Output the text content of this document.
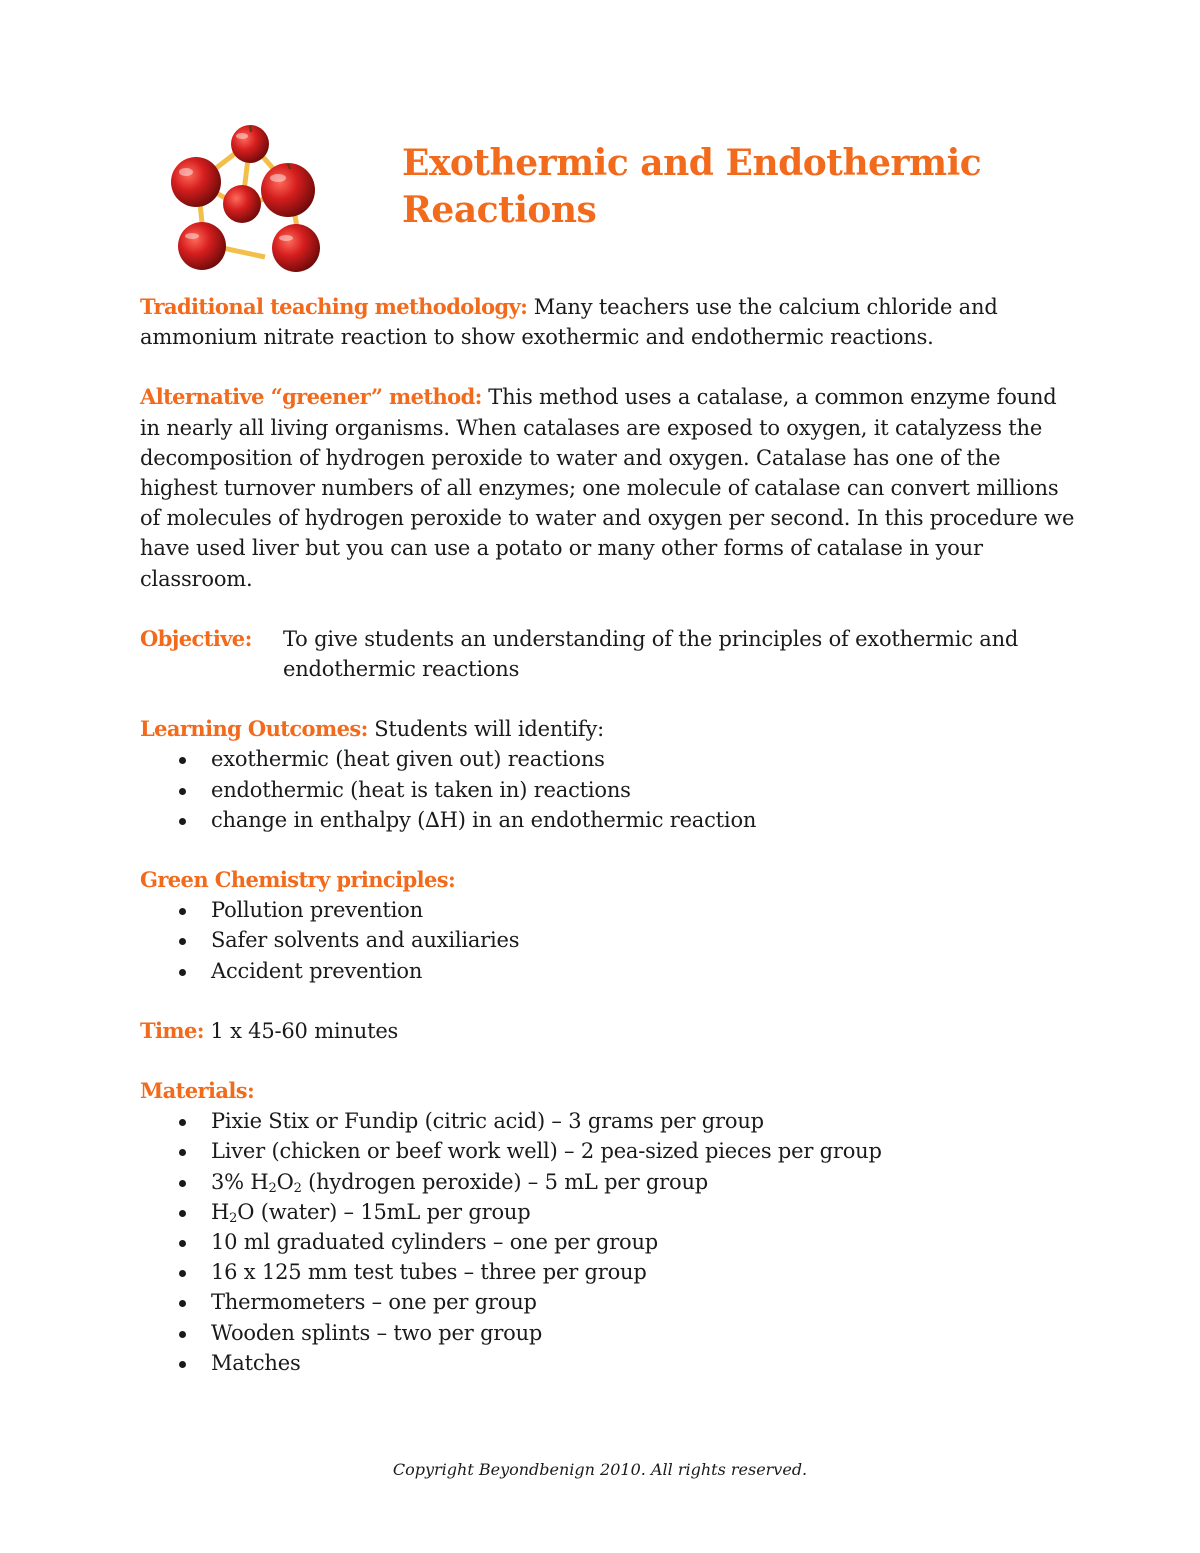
Exothermic and Endothermic
Reactions

Traditional teaching methodology: Many teachers use the calcium chloride and ammonium nitrate reaction to show exothermic and endothermic reactions.

Alternative “greener” method: This method uses a catalase, a common enzyme found in nearly all living organisms. When catalases are exposed to oxygen, it catalyzess the decomposition of hydrogen peroxide to water and oxygen. Catalase has one of the highest turnover numbers of all enzymes; one molecule of catalase can convert millions of molecules of hydrogen peroxide to water and oxygen per second. In this procedure we have used liver but you can use a potato or many other forms of catalase in your classroom.

Objective:	To give students an understanding of the principles of exothermic and endothermic reactions

Learning Outcomes: Students will identify:

exothermic (heat given out) reactions
endothermic (heat is taken in) reactions
change in enthalpy (∆H) in an endothermic reaction

Green Chemistry principles:

Pollution prevention
Safer solvents and auxiliaries
Accident prevention

Time: 1 x 45-60 minutes

Materials:

Pixie Stix or Fundip (citric acid) – 3 grams per group
Liver (chicken or beef work well) – 2 pea-sized pieces per group
3% $H_2O_2$ (hydrogen peroxide) – 5 mL per group
$H_2O$ (water) – 15mL per group
10 ml graduated cylinders – one per group
16 x 125 mm test tubes – three per group
Thermometers – one per group
Wooden splints – two per group
Matches
Copyright Beyondbenign 2010. All rights reserved.
